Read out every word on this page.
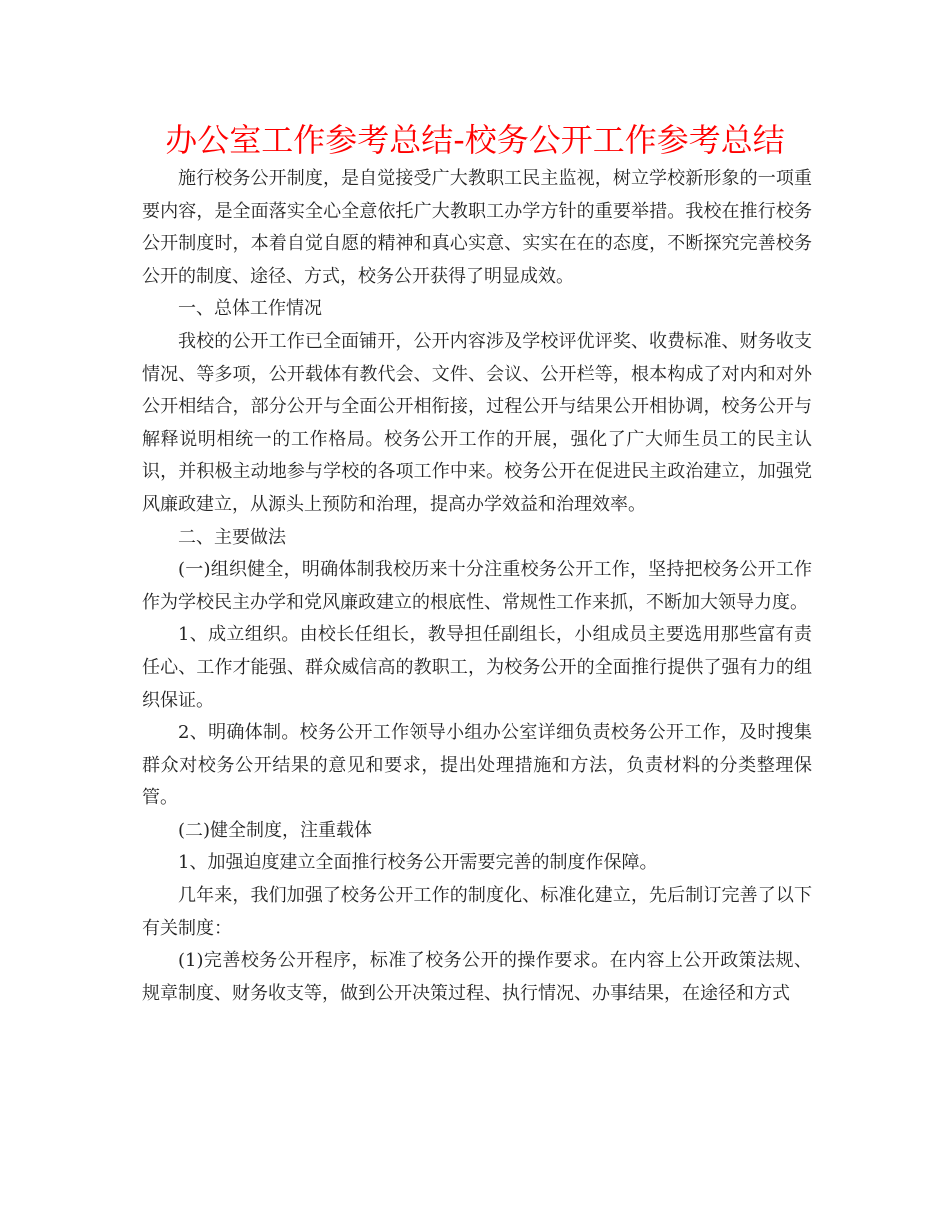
办公室工作参考总结-校务公开工作参考总结

施行校务公开制度，是自觉接受广大教职工民主监视，树立学校新形象的一项重要内容，是全面落实全心全意依托广大教职工办学方针的重要举措。我校在推行校务公开制度时，本着自觉自愿的精神和真心实意、实实在在的态度，不断探究完善校务公开的制度、途径、方式，校务公开获得了明显成效。

一、总体工作情况

我校的公开工作已全面铺开，公开内容涉及学校评优评奖、收费标准、财务收支情况、等多项，公开载体有教代会、文件、会议、公开栏等，根本构成了对内和对外公开相结合，部分公开与全面公开相衔接，过程公开与结果公开相协调，校务公开与解释说明相统一的工作格局。校务公开工作的开展，强化了广大师生员工的民主认识，并积极主动地参与学校的各项工作中来。校务公开在促进民主政治建立，加强党风廉政建立，从源头上预防和治理，提高办学效益和治理效率。

二、主要做法

(一)组织健全，明确体制我校历来十分注重校务公开工作，坚持把校务公开工作作为学校民主办学和党风廉政建立的根底性、常规性工作来抓，不断加大领导力度。

1、成立组织。由校长任组长，教导担任副组长，小组成员主要选用那些富有责任心、工作才能强、群众威信高的教职工，为校务公开的全面推行提供了强有力的组织保证。

2、明确体制。校务公开工作领导小组办公室详细负责校务公开工作，及时搜集群众对校务公开结果的意见和要求，提出处理措施和方法，负责材料的分类整理保管。

(二)健全制度，注重载体

1、加强迫度建立全面推行校务公开需要完善的制度作保障。

几年来，我们加强了校务公开工作的制度化、标准化建立，先后制订完善了以下有关制度：

(1)完善校务公开程序，标准了校务公开的操作要求。在内容上公开政策法规、规章制度、财务收支等，做到公开决策过程、执行情况、办事结果，在途径和方式
